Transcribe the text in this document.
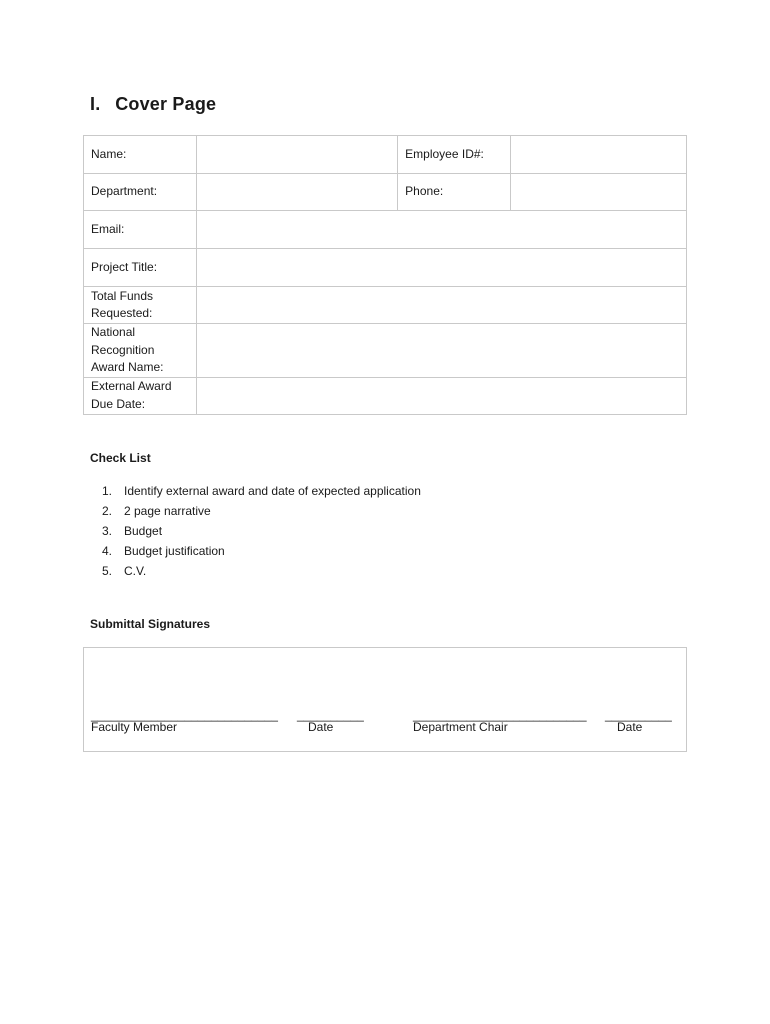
I. Cover Page
Name:		Employee ID#:	
Department:		Phone:	
Email:			
Project Title:			
Total Funds Requested:			
National Recognition Award Name:			
External Award Due Date:			
Check List
1.	Identify external award and date of expected application
2.	2 page narrative
3.	Budget
4.	Budget justification
5.	C.V.
Submittal Signatures
____________________________ __________	__________________________ __________
Faculty Member	Date	Department Chair	Date
